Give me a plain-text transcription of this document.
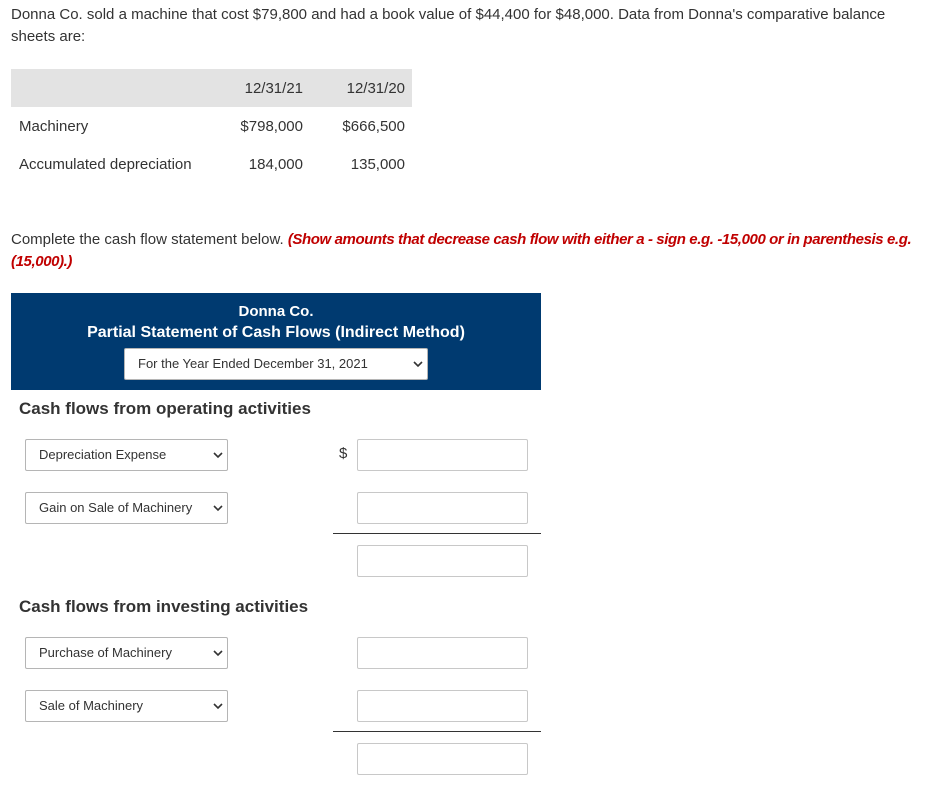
Donna Co. sold a machine that cost $79,800 and had a book value of $44,400 for $48,000. Data from Donna's comparative balance sheets are:
12/31/21	12/31/20
Machinery	$798,000	$666,500
Accumulated depreciation	184,000	135,000
Complete the cash flow statement below. (Show amounts that decrease cash flow with either a - sign e.g. -15,000 or in parenthesis e.g. (15,000).)
Donna Co.
Partial Statement of Cash Flows (Indirect Method)
For the Year Ended December 31, 2021
Cash flows from operating activities
Depreciation Expense	$
Gain on Sale of Machinery
Cash flows from investing activities
Purchase of Machinery
Sale of Machinery
